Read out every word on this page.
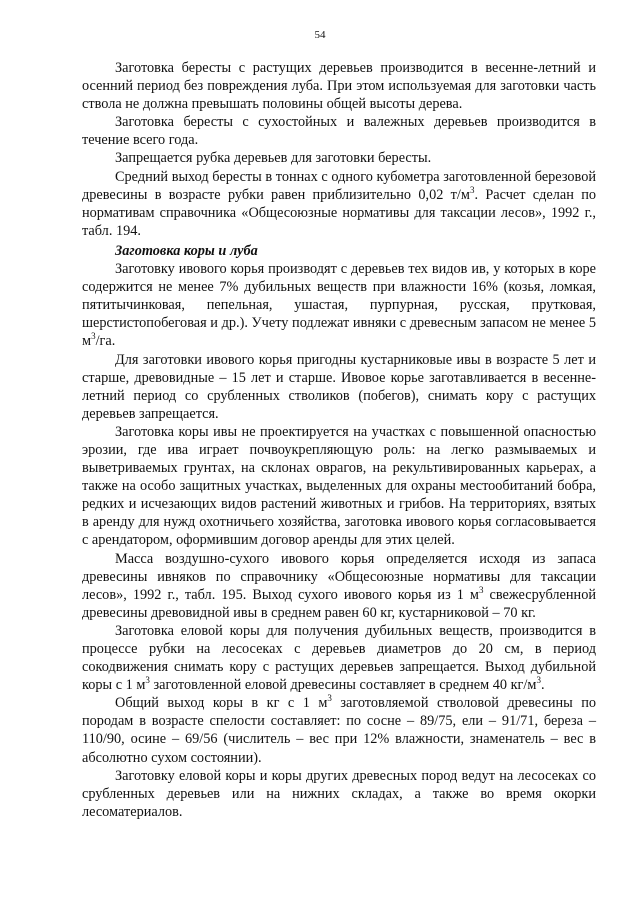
54

Заготовка бересты с растущих деревьев производится в весенне-летний и осенний период без повреждения луба. При этом используемая для заготовки часть ствола не должна превышать половины общей высоты дерева.

Заготовка бересты с сухостойных и валежных деревьев производится в течение всего года.

Запрещается рубка деревьев для заготовки бересты.

Средний выход бересты в тоннах с одного кубометра заготовленной березовой древесины в возрасте рубки равен приблизительно 0,02 $т/м^3$. Расчет сделан по нормативам справочника «Общесоюзные нормативы для таксации лесов», 1992 г., табл. 194.

Заготовка коры и луба

Заготовку ивового корья производят с деревьев тех видов ив, у которых в коре содержится не менее 7% дубильных веществ при влажности 16% (козья, ломкая, пятитычинковая, пепельная, ушастая, пурпурная, русская, прутковая, шерстистопобеговая и др.). Учету подлежат ивняки с древесным запасом не менее 5 $м^3/га$.

Для заготовки ивового корья пригодны кустарниковые ивы в возрасте 5 лет и старше, древовидные – 15 лет и старше. Ивовое корье заготавливается в весенне-летний период со срубленных стволиков (побегов), снимать кору с растущих деревьев запрещается.

Заготовка коры ивы не проектируется на участках с повышенной опасностью эрозии, где ива играет почвоукрепляющую роль: на легко размываемых и выветриваемых грунтах, на склонах оврагов, на рекультивированных карьерах, а также на особо защитных участках, выделенных для охраны местообитаний бобра, редких и исчезающих видов растений животных и грибов. На территориях, взятых в аренду для нужд охотничьего хозяйства, заготовка ивового корья согласовывается с арендатором, оформившим договор аренды для этих целей.

Масса воздушно-сухого ивового корья определяется исходя из запаса древесины ивняков по справочнику «Общесоюзные нормативы для таксации лесов», 1992 г., табл. 195. Выход сухого ивового корья из 1 $м^3$ свежесрубленной древесины древовидной ивы в среднем равен 60 кг, кустарниковой – 70 кг.

Заготовка еловой коры для получения дубильных веществ, производится в процессе рубки на лесосеках с деревьев диаметров до 20 см, в период сокодвижения снимать кору с растущих деревьев запрещается. Выход дубильной коры с 1 $м^3$ заготовленной еловой древесины составляет в среднем 40 $кг/м^3$.

Общий выход коры в кг с 1 $м^3$ заготовляемой стволовой древесины по породам в возрасте спелости составляет: по сосне – 89/75, ели – 91/71, береза – 110/90, осине – 69/56 (числитель – вес при 12% влажности, знаменатель – вес в абсолютно сухом состоянии).

Заготовку еловой коры и коры других древесных пород ведут на лесосеках со срубленных деревьев или на нижних складах, а также во время окорки лесоматериалов.
